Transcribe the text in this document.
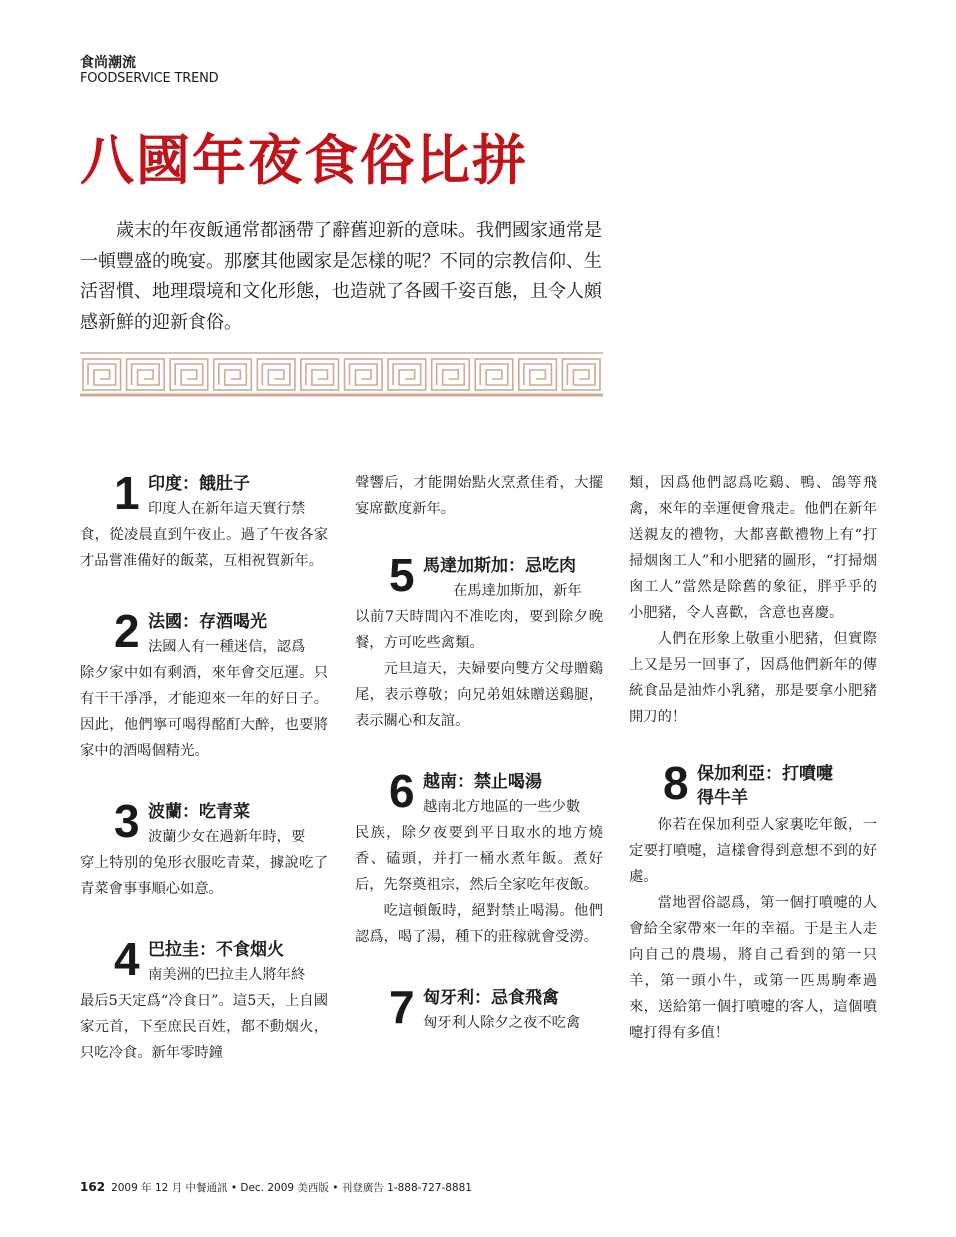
食尚潮流
FOODSERVICE TREND
八國年夜食俗比拼

歲末的年夜飯通常都涵帶了辭舊迎新的意味。我們國家通常是一頓豐盛的晚宴。那麼其他國家是怎樣的呢？不同的宗教信仰、生活習慣、地理環境和文化形態，也造就了各國千姿百態，且令人頗感新鮮的迎新食俗。

1 印度：餓肚子
印度人在新年這天實行禁

食，從凌晨直到午夜止。過了午夜各家才品嘗准備好的飯菜，互相祝賀新年。

2 法國：存酒喝光
法國人有一種迷信，認爲

除夕家中如有剩酒，來年會交厄運。只有干干凈凈，才能迎來一年的好日子。因此，他們寧可喝得酩酊大醉，也要將家中的酒喝個精光。

3 波蘭：吃青菜
波蘭少女在過新年時，要

穿上特別的兔形衣服吃青菜，據說吃了青菜會事事順心如意。

4 巴拉圭：不食烟火
南美洲的巴拉圭人將年終

最后5天定爲“冷食日”。這5天，上自國家元首，下至庶民百姓，都不動烟火，只吃冷食。新年零時鐘

聲響后，才能開始點火烹煮佳肴，大擺宴席歡度新年。

5 馬達加斯加：忌吃肉
在馬達加斯加，新年

以前7天時間內不准吃肉，要到除夕晚餐，方可吃些禽類。

元旦這天，夫婦要向雙方父母贈鷄尾，表示尊敬；向兄弟姐妹贈送鷄腿，表示關心和友誼。

6 越南：禁止喝湯
越南北方地區的一些少數

民族，除夕夜要到平日取水的地方燒香、磕頭，并打一桶水煮年飯。煮好后，先祭奠祖宗，然后全家吃年夜飯。

吃這頓飯時，絕對禁止喝湯。他們認爲，喝了湯，種下的莊稼就會受澇。

7 匈牙利：忌食飛禽
匈牙利人除夕之夜不吃禽

類，因爲他們認爲吃鷄、鴨、鴿等飛禽，來年的幸運便會飛走。他們在新年送親友的禮物，大都喜歡禮物上有“打掃烟囪工人”和小肥豬的圖形，“打掃烟囪工人”當然是除舊的象征，胖乎乎的小肥豬，令人喜歡，含意也喜慶。

人們在形象上敬重小肥豬，但實際上又是另一回事了，因爲他們新年的傳統食品是油炸小乳豬，那是要拿小肥豬開刀的！

8 保加利亞：打噴嚏
得牛羊

你若在保加利亞人家裏吃年飯，一定要打噴嚏，這樣會得到意想不到的好處。

當地習俗認爲，第一個打噴嚏的人會給全家帶來一年的幸福。于是主人走向自己的農場，將自己看到的第一只羊，第一頭小牛，或第一匹馬駒牽過來，送給第一個打噴嚏的客人，這個噴嚏打得有多值！

162 2009 年 12 月 中餐通訊 • Dec. 2009 美西版 • 刊登廣告 1-888-727-8881
